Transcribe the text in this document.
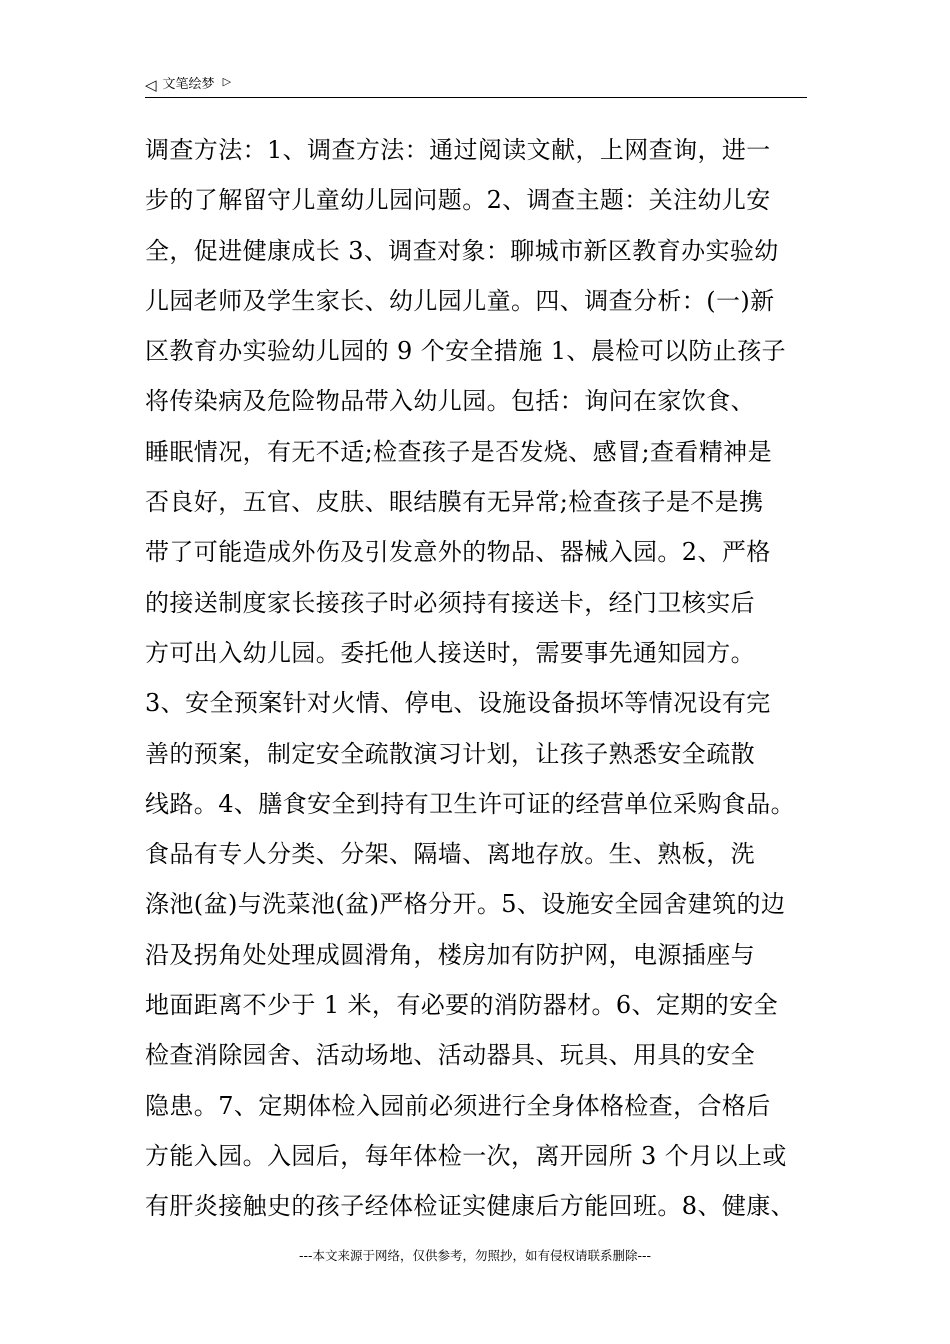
◁ 文笔绘梦 ▷
调查方法：1、调查方法：通过阅读文献，上网查询，进一
步的了解留守儿童幼儿园问题。2、调查主题：关注幼儿安
全，促进健康成长 3、调查对象：聊城市新区教育办实验幼
儿园老师及学生家长、幼儿园儿童。四、调查分析：(一)新
区教育办实验幼儿园的 9 个安全措施 1、晨检可以防止孩子
将传染病及危险物品带入幼儿园。包括：询问在家饮食、
睡眠情况，有无不适;检查孩子是否发烧、感冒;查看精神是
否良好，五官、皮肤、眼结膜有无异常;检查孩子是不是携
带了可能造成外伤及引发意外的物品、器械入园。2、严格
的接送制度家长接孩子时必须持有接送卡，经门卫核实后
方可出入幼儿园。委托他人接送时，需要事先通知园方。
3、安全预案针对火情、停电、设施设备损坏等情况设有完
善的预案，制定安全疏散演习计划，让孩子熟悉安全疏散
线路。4、膳食安全到持有卫生许可证的经营单位采购食品。
食品有专人分类、分架、隔墙、离地存放。生、熟板，洗
涤池(盆)与洗菜池(盆)严格分开。5、设施安全园舍建筑的边
沿及拐角处处理成圆滑角，楼房加有防护网，电源插座与
地面距离不少于 1 米，有必要的消防器材。6、定期的安全
检查消除园舍、活动场地、活动器具、玩具、用具的安全
隐患。7、定期体检入园前必须进行全身体格检查，合格后
方能入园。入园后，每年体检一次，离开园所 3 个月以上或
有肝炎接触史的孩子经体检证实健康后方能回班。8、健康、
---本文来源于网络，仅供参考，勿照抄，如有侵权请联系删除---
